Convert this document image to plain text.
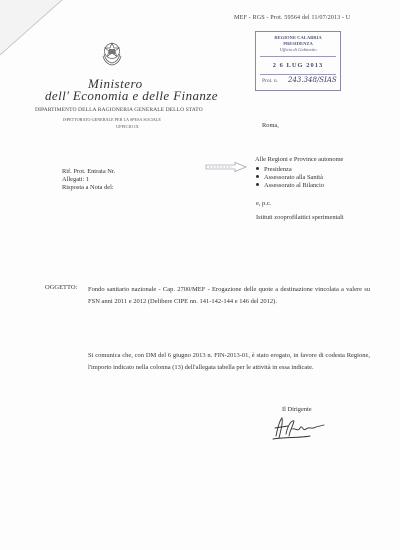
MEF - RGS - Prot. 59564 del 11/07/2013 - U
REGIONE CALABRIA
PRESIDENZA
Ufficio di Gabinetto
2 6 LUG 2013
Prot. n. 243.348/SIAS
Ministero
dell' Economia e delle Finanze
DIPARTIMENTO DELLA RAGIONERIA GENERALE DELLO STATO
ISPETTORATO GENERALE PER LA SPESA SOCIALE
UFFICIO IX	Roma,
Alle Regioni e Province autonome
Presidenza
Assessorato alla Sanità
Assessorato al Bilancio
Rif. Prot. Entrata Nr.
Allegati: 1
Risposta a Nota del:
e, p.c.
Istituti zooprofilattici sperimentali
OGGETTO: Fondo sanitario nazionale - Cap. 2700/MEF - Erogazione delle quote a destinazione vincolata a valere su FSN anni 2011 e 2012 (Delibere CIPE nn. 141-142-144 e 146 del 2012).
Si comunica che, con DM del 6 giugno 2013 n. FIN-2013-01, è stato erogato, in favore di codesta Regione, l'importo indicato nella colonna (13) dell'allegata tabella per le attività in essa indicate.
Il Dirigente
